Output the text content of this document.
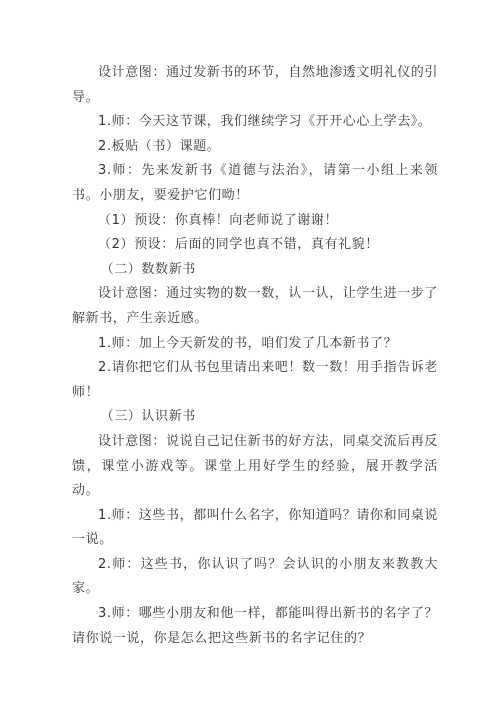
设计意图：通过发新书的环节，自然地渗透文明礼仪的引导。

1.师：今天这节课，我们继续学习《开开心心上学去》。

2.板贴（书）课题。

3.师：先来发新书《道德与法治》，请第一小组上来领书。小朋友，要爱护它们呦！

（1）预设：你真棒！向老师说了谢谢！

（2）预设：后面的同学也真不错，真有礼貌！

（二）数数新书

设计意图：通过实物的数一数，认一认，让学生进一步了解新书，产生亲近感。

1.师：加上今天新发的书，咱们发了几本新书了？

2.请你把它们从书包里请出来吧！数一数！用手指告诉老师！

（三）认识新书

设计意图：说说自己记住新书的好方法，同桌交流后再反馈，课堂小游戏等。课堂上用好学生的经验，展开教学活动。

1.师：这些书，都叫什么名字，你知道吗？请你和同桌说一说。

2.师：这些书，你认识了吗？会认识的小朋友来教教大家。

3.师：哪些小朋友和他一样，都能叫得出新书的名字了？请你说一说，你是怎么把这些新书的名字记住的？
